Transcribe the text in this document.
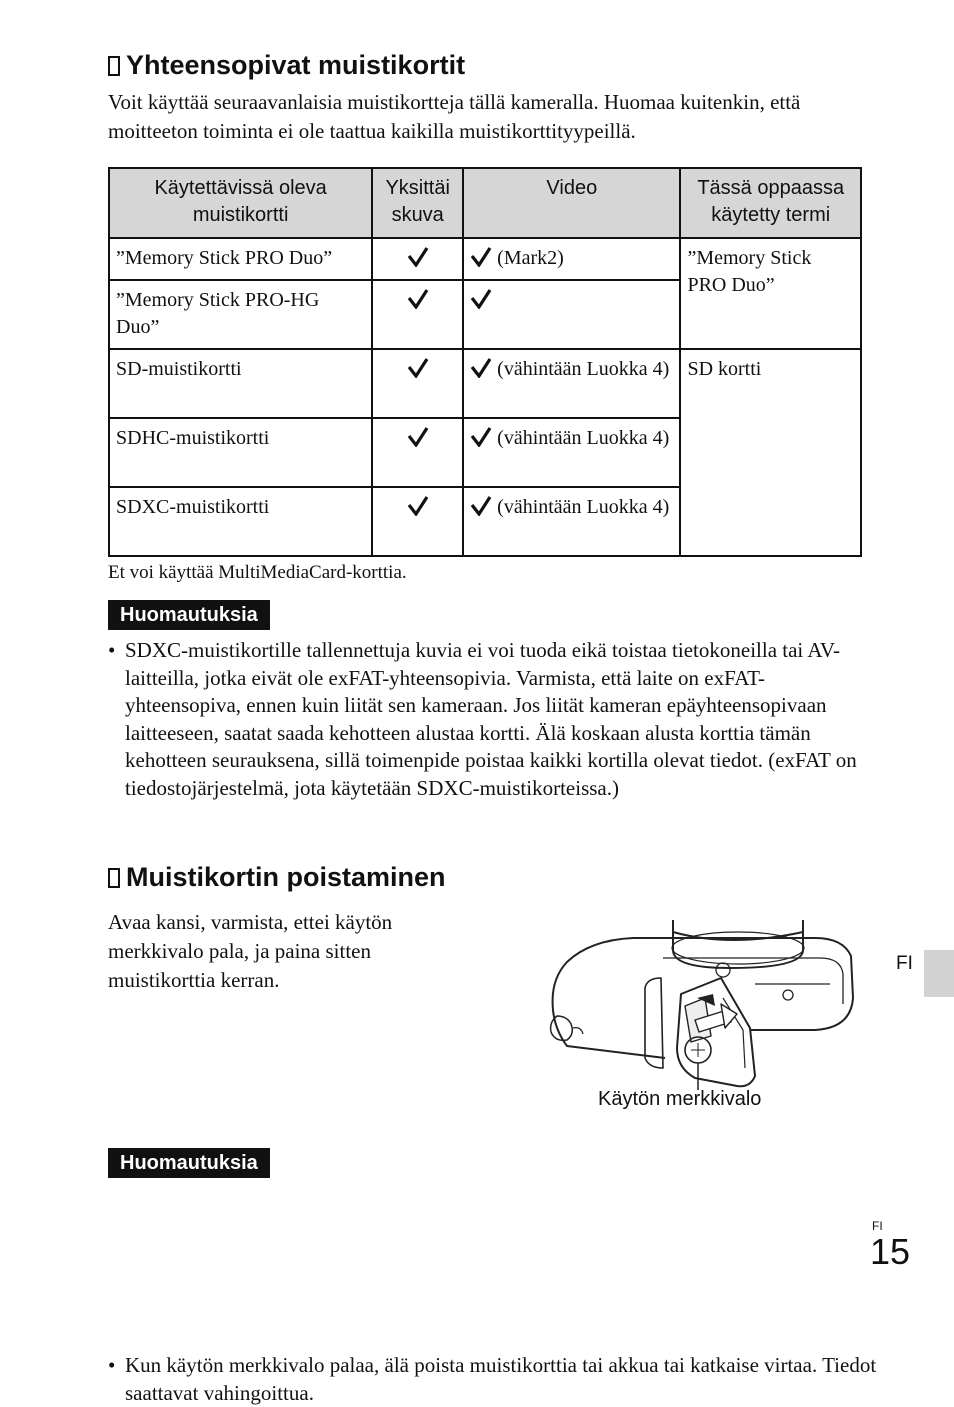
Yhteensopivat muistikortit
Voit käyttää seuraavanlaisia muistikortteja tällä kameralla. Huomaa kuitenkin, että moitteeton toiminta ei ole taattua kaikilla muistikorttityypeillä.
Käytettävissä oleva muistikortti	Yksittäi skuva	Video	Tässä oppaassa käytetty termi
”Memory Stick PRO Duo”		(Mark2)	”Memory Stick PRO Duo”
”Memory Stick PRO-HG Duo”		
SD-muistikortti		(vähintään Luokka 4)	SD kortti
SDHC-muistikortti		(vähintään Luokka 4)	
SDXC-muistikortti		(vähintään Luokka 4)	
Et voi käyttää MultiMediaCard-korttia.
Huomautuksia
• SDXC-muistikortille tallennettuja kuvia ei voi tuoda eikä toistaa tietokoneilla tai AV-laitteilla, jotka eivät ole exFAT-yhteensopivia. Varmista, että laite on exFAT-yhteensopiva, ennen kuin liität sen kameraan. Jos liität kameran epäyhteensopivaan laitteeseen, saatat saada kehotteen alustaa kortti. Älä koskaan alusta korttia tämän kehotteen seurauksena, sillä toimenpide poistaa kaikki kortilla olevat tiedot. (exFAT on tiedostojärjestelmä, jota käytetään SDXC-muistikorteissa.)
Muistikortin poistaminen
Avaa kansi, varmista, ettei käytön merkkivalo pala, ja paina sitten muistikorttia kerran.
Käytön merkkivalo
Huomautuksia
• Kun käytön merkkivalo palaa, älä poista muistikorttia tai akkua tai katkaise virtaa. Tiedot saattavat vahingoittua.
FI
FI
15
